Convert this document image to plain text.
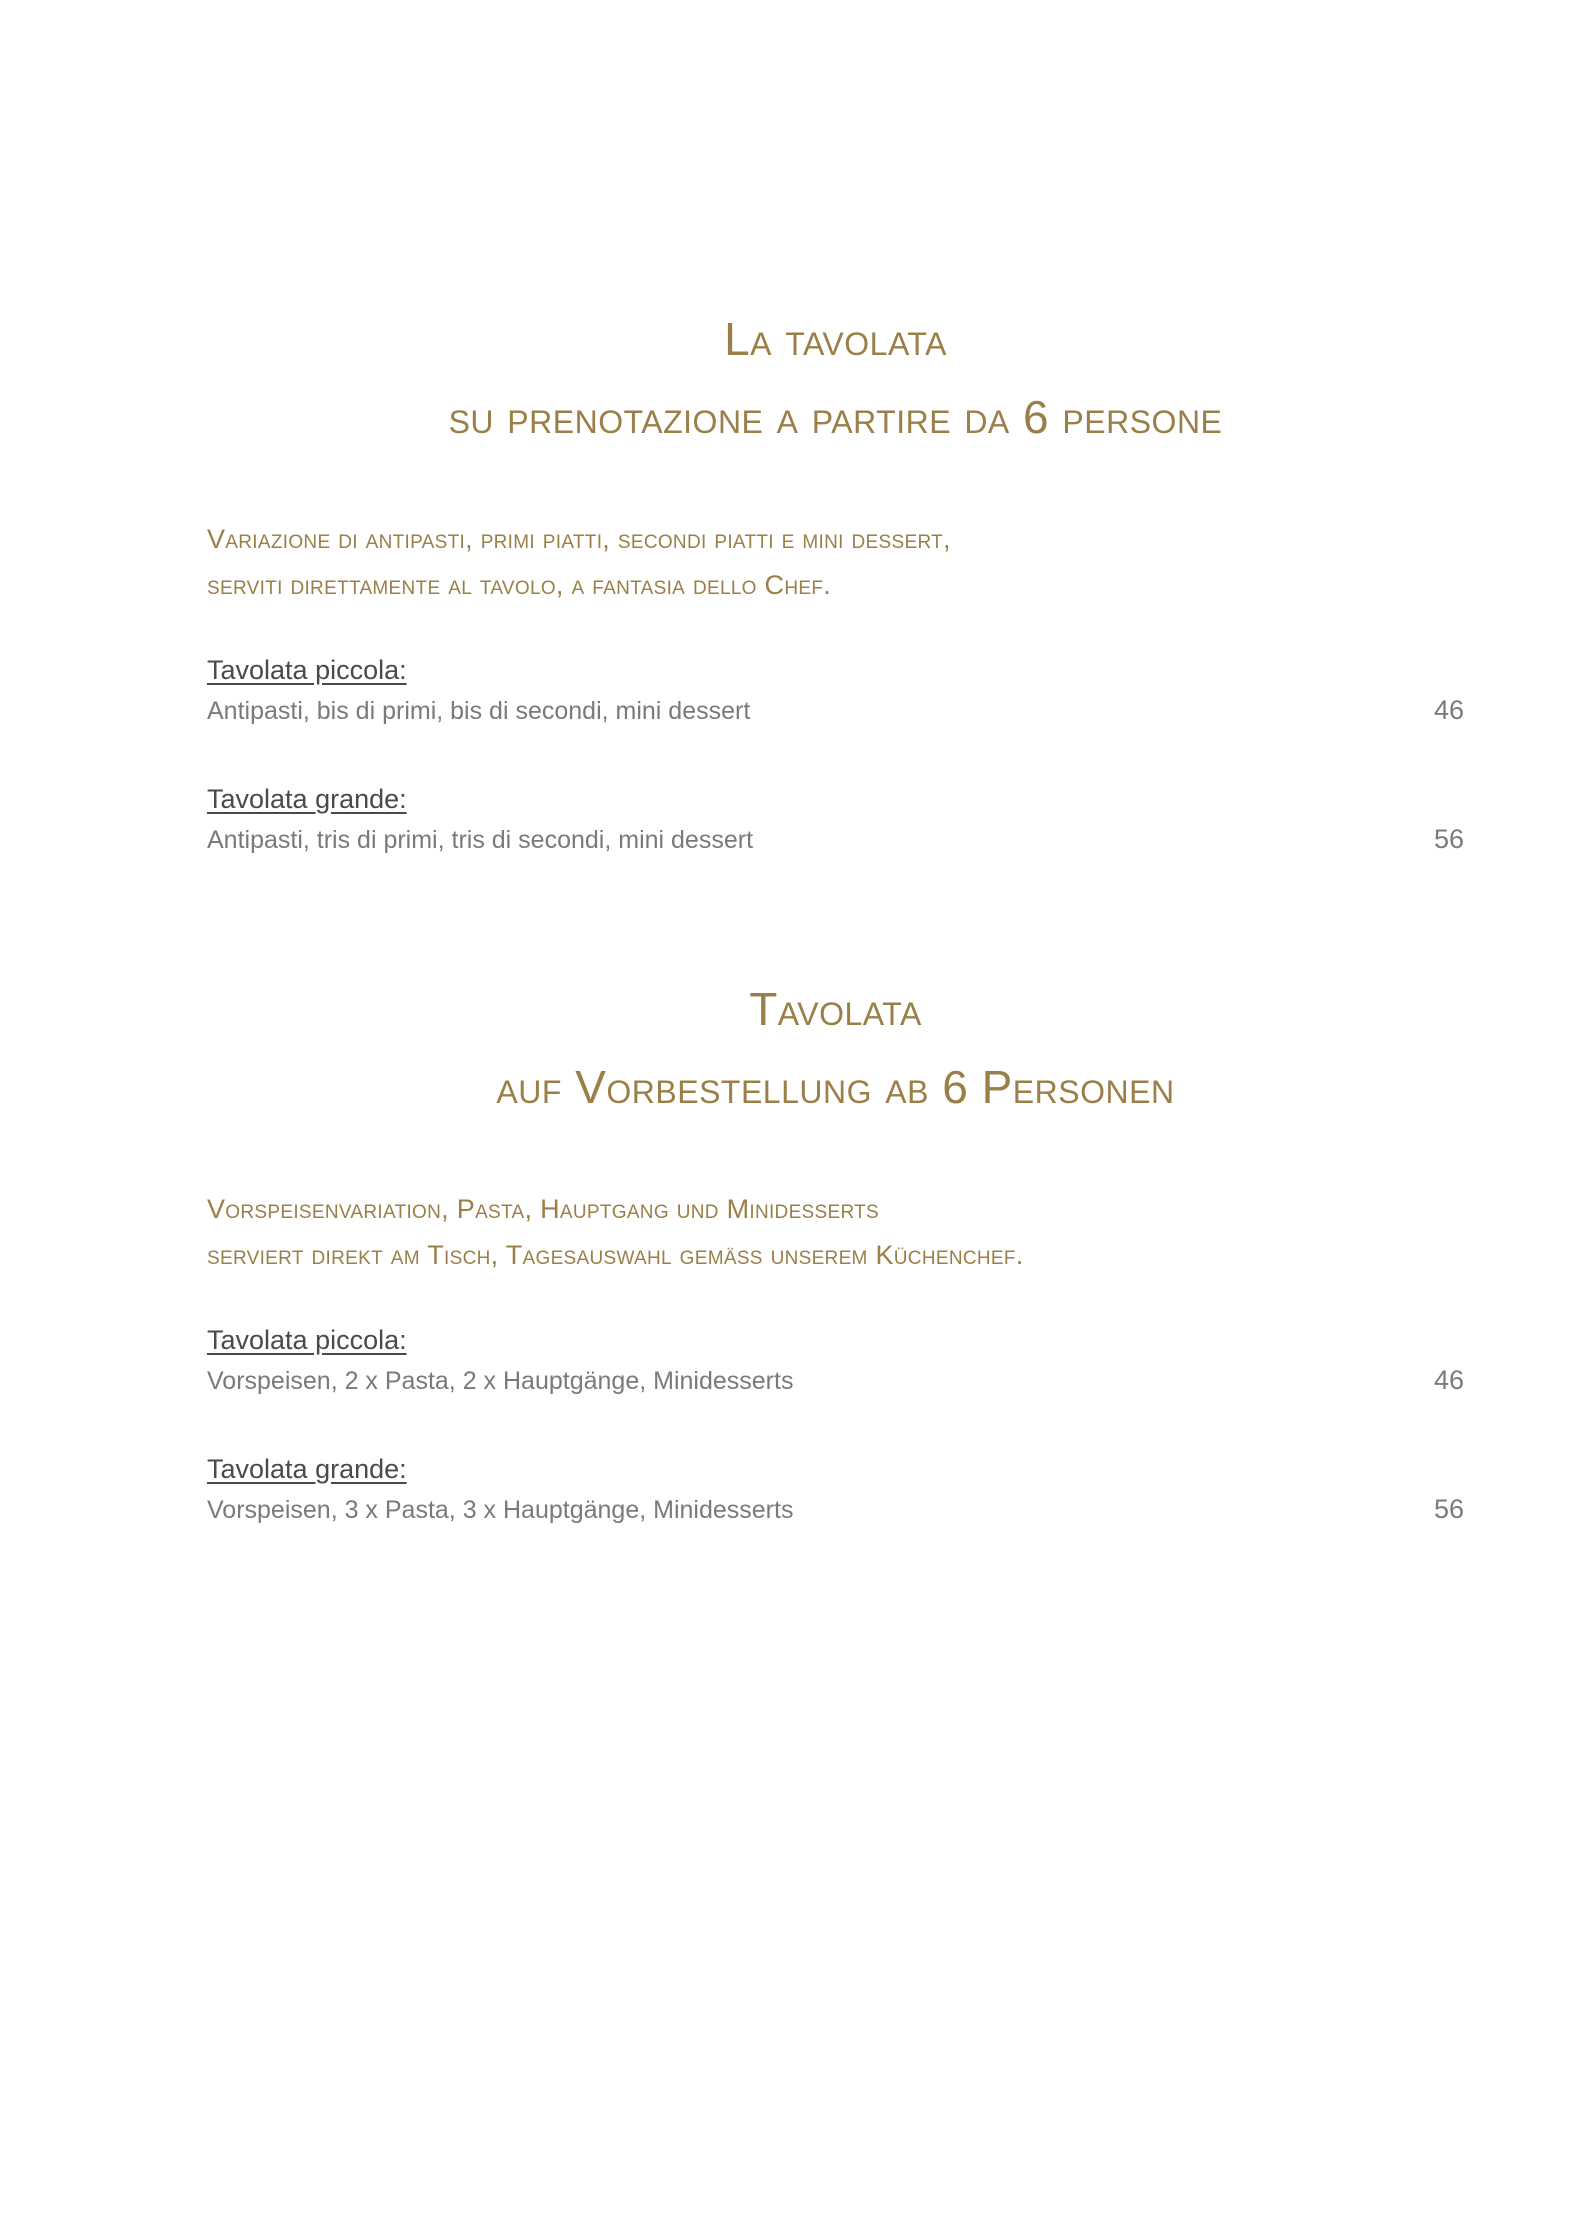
La tavolata
su prenotazione a partire da 6 persone
Variazione di antipasti, primi piatti, secondi piatti e mini dessert,
serviti direttamente al tavolo, a fantasia dello Chef.
Tavolata piccola:
Antipasti, bis di primi, bis di secondi, mini dessert	46
Tavolata grande:
Antipasti, tris di primi, tris di secondi, mini dessert	56
Tavolata
auf Vorbestellung ab 6 Personen
Vorspeisenvariation, Pasta, Hauptgang und Minidesserts
serviert direkt am Tisch, Tagesauswahl gemäss unserem Küchenchef.
Tavolata piccola:
Vorspeisen, 2 x Pasta, 2 x Hauptgänge, Minidesserts	46
Tavolata grande:
Vorspeisen, 3 x Pasta, 3 x Hauptgänge, Minidesserts	56
